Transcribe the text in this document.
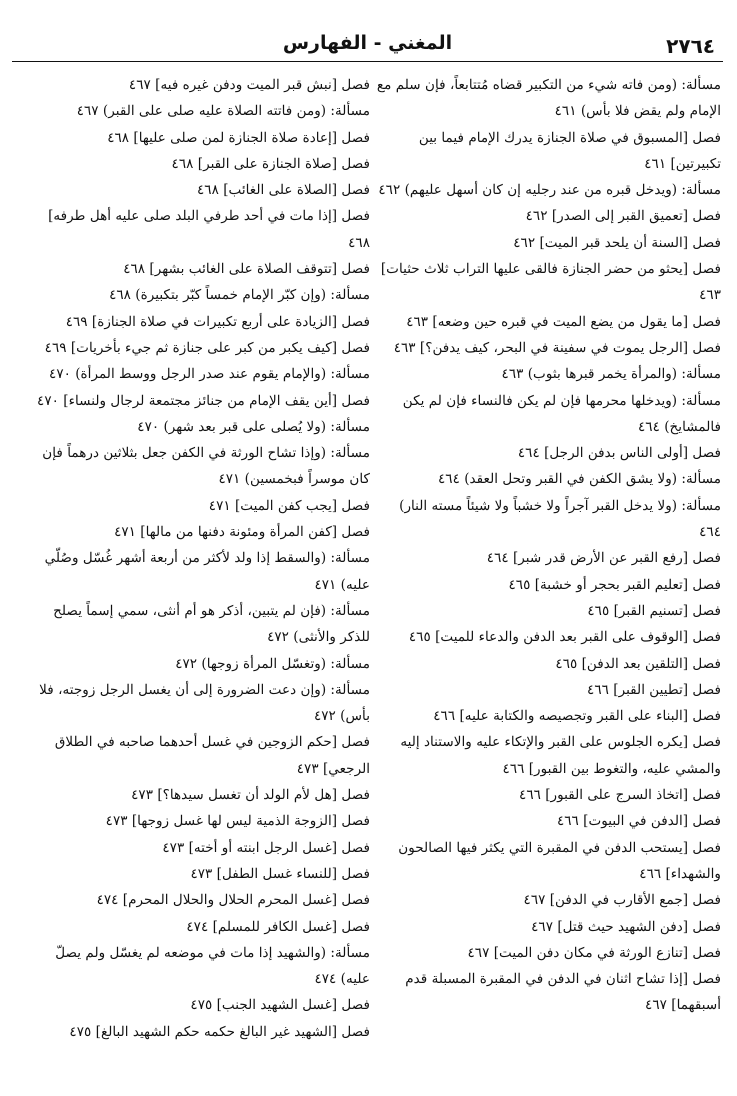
٢٧٦٤
المغني - الفهارس

مسألة: (ومن فاته شيء من التكبير قضاه مُتتابعاً، فإن سلم مع الإمام ولم يقض فلا بأس) ٤٦١

فصل [المسبوق في صلاة الجنازة يدرك الإمام فيما بين تكبيرتين] ٤٦١

مسألة: (ويدخل قبره من عند رجليه إن كان أسهل عليهم) ٤٦٢

فصل [تعميق القبر إلى الصدر] ٤٦٢

فصل [السنة أن يلحد قبر الميت] ٤٦٢

فصل [يحثو من حضر الجنازة فالقى عليها التراب ثلاث حثيات] ٤٦٣

فصل [ما يقول من يضع الميت في قبره حين وضعه] ٤٦٣

فصل [الرجل يموت في سفينة في البحر، كيف يدفن؟] ٤٦٣

مسألة: (والمرأة يخمر قبرها بثوب) ٤٦٣

مسألة: (ويدخلها محرمها فإن لم يكن فالنساء فإن لم يكن فالمشايخ) ٤٦٤

فصل [أولى الناس بدفن الرجل] ٤٦٤

مسألة: (ولا يشق الكفن في القبر وتحل العقد) ٤٦٤

مسألة: (ولا يدخل القبر آجراً ولا خشباً ولا شيئاً مسته النار) ٤٦٤

فصل [رفع القبر عن الأرض قدر شبر] ٤٦٤

فصل [تعليم القبر بحجر أو خشبة] ٤٦٥

فصل [تسنيم القبر] ٤٦٥

فصل [الوقوف على القبر بعد الدفن والدعاء للميت] ٤٦٥

فصل [التلقين بعد الدفن] ٤٦٥

فصل [تطيين القبر] ٤٦٦

فصل [البناء على القبر وتجصيصه والكتابة عليه] ٤٦٦

فصل [يكره الجلوس على القبر والإتكاء عليه والاستناد إليه والمشي عليه، والتغوط بين القبور] ٤٦٦

فصل [اتخاذ السرج على القبور] ٤٦٦

فصل [الدفن في البيوت] ٤٦٦

فصل [يستحب الدفن في المقبرة التي يكثر فيها الصالحون والشهداء] ٤٦٦

فصل [جمع الأقارب في الدفن] ٤٦٧

فصل [دفن الشهيد حيث قتل] ٤٦٧

فصل [تنازع الورثة في مكان دفن الميت] ٤٦٧

فصل [إذا تشاح اثنان في الدفن في المقبرة المسبلة قدم أسبقهما] ٤٦٧

فصل [نبش قبر الميت ودفن غيره فيه] ٤٦٧

مسألة: (ومن فاتته الصلاة عليه صلى على القبر) ٤٦٧

فصل [إعادة صلاة الجنازة لمن صلى عليها] ٤٦٨

فصل [صلاة الجنازة على القبر] ٤٦٨

فصل [الصلاة على الغائب] ٤٦٨

فصل [إذا مات في أحد طرفي البلد صلى عليه أهل طرفه] ٤٦٨

فصل [تتوقف الصلاة على الغائب بشهر] ٤٦٨

مسألة: (وإن كبّر الإمام خمساً كبّر بتكبيرة) ٤٦٨

فصل [الزيادة على أربع تكبيرات في صلاة الجنازة] ٤٦٩

فصل [كيف يكبر من كبر على جنازة ثم جيء بأخريات] ٤٦٩

مسألة: (والإمام يقوم عند صدر الرجل ووسط المرأة) ٤٧٠

فصل [أين يقف الإمام من جنائز مجتمعة لرجال ولنساء] ٤٧٠

مسألة: (ولا يُصلى على قبر بعد شهر) ٤٧٠

مسألة: (وإذا تشاح الورثة في الكفن جعل بثلاثين درهماً فإن كان موسراً فبخمسين) ٤٧١

فصل [يجب كفن الميت] ٤٧١

فصل [كفن المرأة ومئونة دفنها من مالها] ٤٧١

مسألة: (والسقط إذا ولد لأكثر من أربعة أشهر غُسّل وصُلّي عليه) ٤٧١

مسألة: (فإن لم يتبين، أذكر هو أم أنثى، سمي إسماً يصلح للذكر والأنثى) ٤٧٢

مسألة: (وتغسّل المرأة زوجها) ٤٧٢

مسألة: (وإن دعت الضرورة إلى أن يغسل الرجل زوجته، فلا بأس) ٤٧٢

فصل [حكم الزوجين في غسل أحدهما صاحبه في الطلاق الرجعي] ٤٧٣

فصل [هل لأم الولد أن تغسل سيدها؟] ٤٧٣

فصل [الزوجة الذمية ليس لها غسل زوجها] ٤٧٣

فصل [غسل الرجل ابنته أو أخته] ٤٧٣

فصل [للنساء غسل الطفل] ٤٧٣

فصل [غسل المحرم الحلال والحلال المحرم] ٤٧٤

فصل [غسل الكافر للمسلم] ٤٧٤

مسألة: (والشهيد إذا مات في موضعه لم يغسّل ولم يصلّ عليه) ٤٧٤

فصل [غسل الشهيد الجنب] ٤٧٥

فصل [الشهيد غير البالغ حكمه حكم الشهيد البالغ] ٤٧٥
